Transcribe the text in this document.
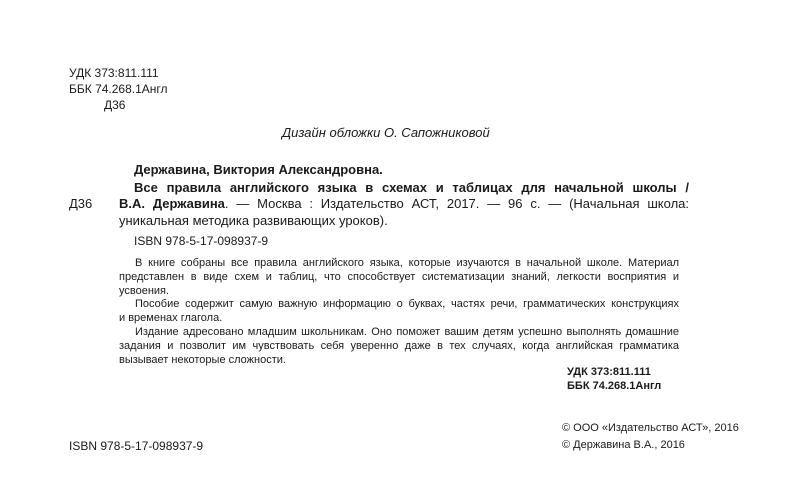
УДК 373:811.111
ББК 74.268.1Англ
Д36
Дизайн обложки О. Сапожниковой
Державина, Виктория Александровна.
Все правила английского языка в схемах и таблицах для начальной школы /
Д36 В.А. Державина. — Москва : Издательство АСТ, 2017. — 96 с. — (Начальная школа:
уникальная методика развивающих уроков).
ISBN 978-5-17-098937-9
В книге собраны все правила английского языка, которые изучаются в начальной школе. Материал
представлен в виде схем и таблиц, что способствует систематизации знаний, легкости восприятия и
усвоения.
Пособие содержит самую важную информацию о буквах, частях речи, грамматических конструкциях
и временах глагола.
Издание адресовано младшим школьникам. Оно поможет вашим детям успешно выполнять домашние
задания и позволит им чувствовать себя уверенно даже в тех случаях, когда английская грамматика
вызывает некоторые сложности.
УДК 373:811.111
ББК 74.268.1Англ
ISBN 978-5-17-098937-9
© ООО «Издательство АСТ», 2016
© Державина В.А., 2016
